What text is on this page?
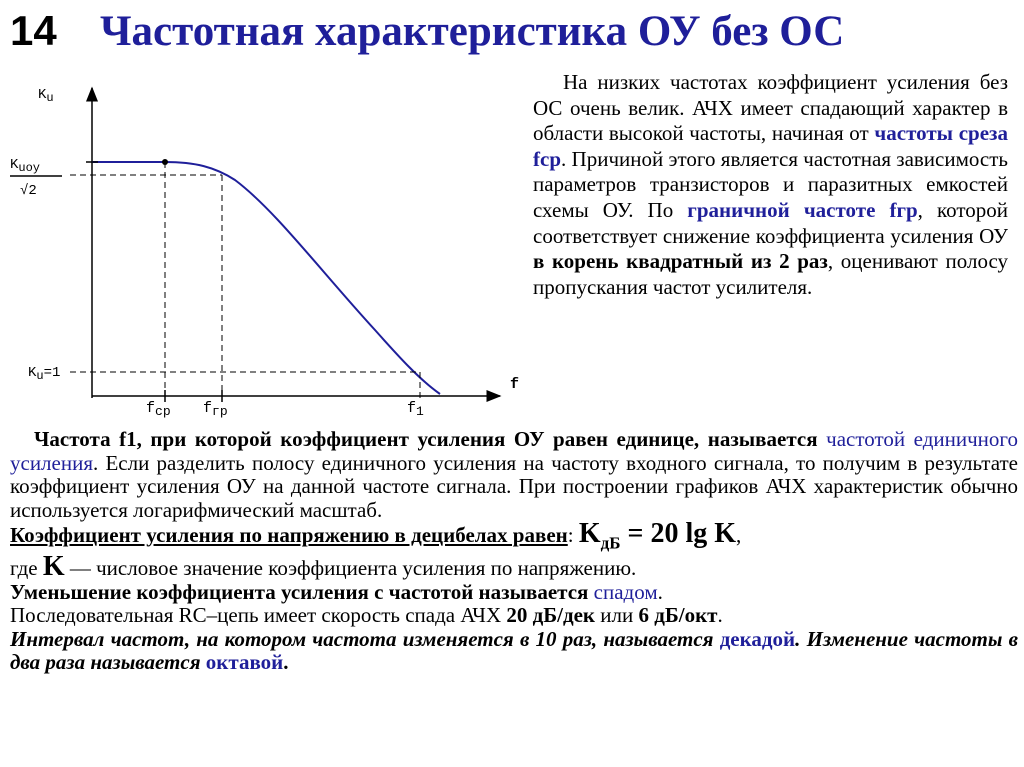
14 Частотная характеристика ОУ без ОС
Ku
Kuоу
√2
Ku=1
f
fср fгр	f1

На низких частотах коэффициент усиления без ОС очень велик. АЧХ имеет спадающий характер в области высокой частоты, начиная от частоты среза fср. Причиной этого является частотная зависимость параметров транзисторов и паразитных емкостей схемы ОУ. По граничной частоте fгр, которой соответствует снижение коэффициента усиления ОУ в корень квадратный из 2 раз, оценивают полосу пропускания частот усилителя.

Частота f1, при которой коэффициент усиления ОУ равен единице, называется частотой единичного усиления. Если разделить полосу единичного усиления на частоту входного сигнала, то получим в результате коэффициент усиления ОУ на данной частоте сигнала. При построении графиков АЧХ характеристик обычно используется логарифмический масштаб.

Коэффициент усиления по напряжению в децибелах равен: $K_{дБ} = 20$ lg K,

где K — числовое значение коэффициента усиления по напряжению.

Уменьшение коэффициента усиления с частотой называется спадом.

Последовательная RC–цепь имеет скорость спада АЧХ 20 дБ/дек или 6 дБ/окт.

Интервал частот, на котором частота изменяется в 10 раз, называется декадой. Изменение частоты в два раза называется октавой.
